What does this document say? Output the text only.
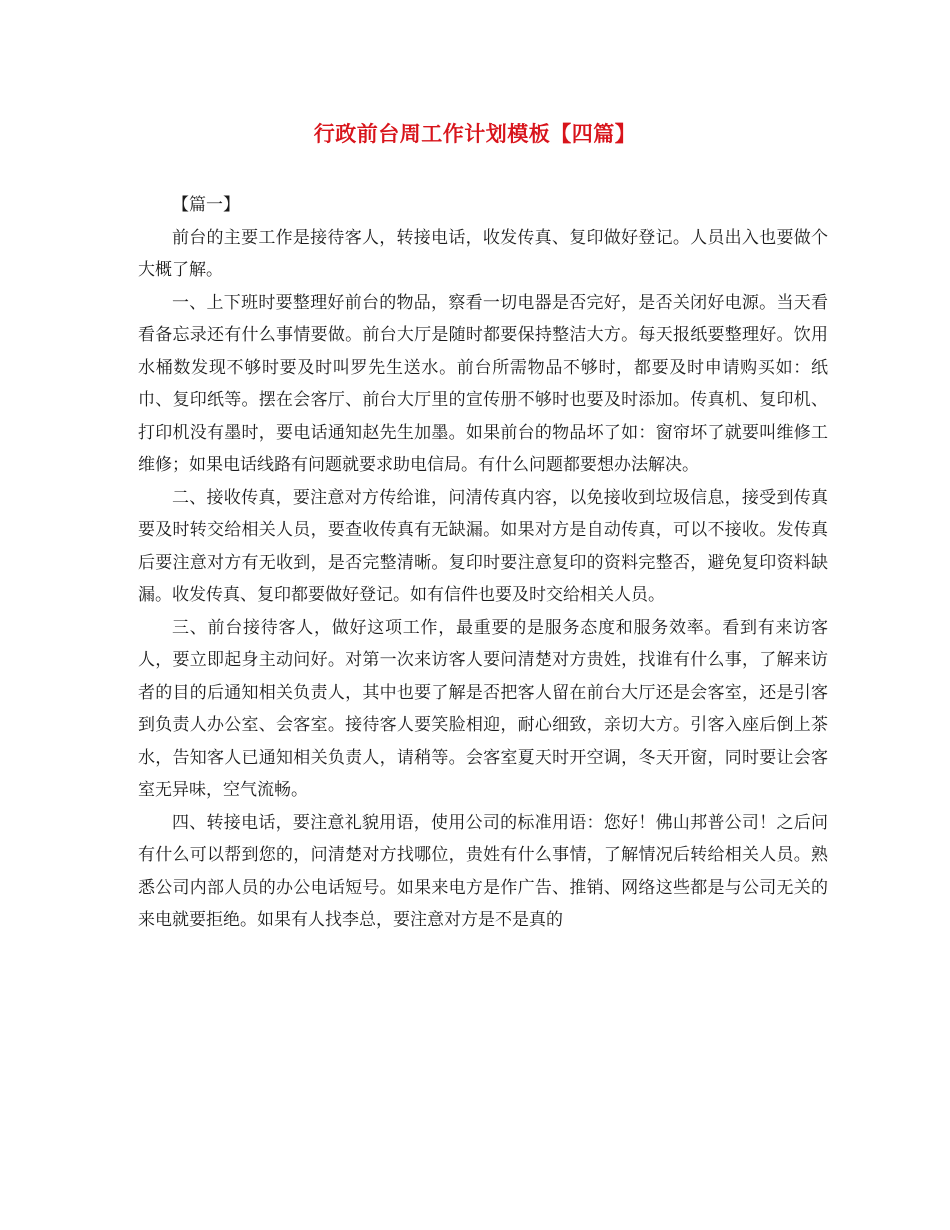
行政前台周工作计划模板【四篇】

【篇一】

前台的主要工作是接待客人，转接电话，收发传真、复印做好登记。人员出入也要做个大概了解。

一、上下班时要整理好前台的物品，察看一切电器是否完好，是否关闭好电源。当天看看备忘录还有什么事情要做。前台大厅是随时都要保持整洁大方。每天报纸要整理好。饮用水桶数发现不够时要及时叫罗先生送水。前台所需物品不够时，都要及时申请购买如：纸巾、复印纸等。摆在会客厅、前台大厅里的宣传册不够时也要及时添加。传真机、复印机、打印机没有墨时，要电话通知赵先生加墨。如果前台的物品坏了如：窗帘坏了就要叫维修工维修；如果电话线路有问题就要求助电信局。有什么问题都要想办法解决。

二、接收传真，要注意对方传给谁，问清传真内容，以免接收到垃圾信息，接受到传真要及时转交给相关人员，要查收传真有无缺漏。如果对方是自动传真，可以不接收。发传真后要注意对方有无收到，是否完整清晰。复印时要注意复印的资料完整否，避免复印资料缺漏。收发传真、复印都要做好登记。如有信件也要及时交给相关人员。

三、前台接待客人，做好这项工作，最重要的是服务态度和服务效率。看到有来访客人，要立即起身主动问好。对第一次来访客人要问清楚对方贵姓，找谁有什么事，了解来访者的目的后通知相关负责人，其中也要了解是否把客人留在前台大厅还是会客室，还是引客到负责人办公室、会客室。接待客人要笑脸相迎，耐心细致，亲切大方。引客入座后倒上茶水，告知客人已通知相关负责人，请稍等。会客室夏天时开空调，冬天开窗，同时要让会客室无异味，空气流畅。

四、转接电话，要注意礼貌用语，使用公司的标准用语：您好！佛山邦普公司！之后问有什么可以帮到您的，问清楚对方找哪位，贵姓有什么事情，了解情况后转给相关人员。熟悉公司内部人员的办公电话短号。如果来电方是作广告、推销、网络这些都是与公司无关的来电就要拒绝。如果有人找李总，要注意对方是不是真的
